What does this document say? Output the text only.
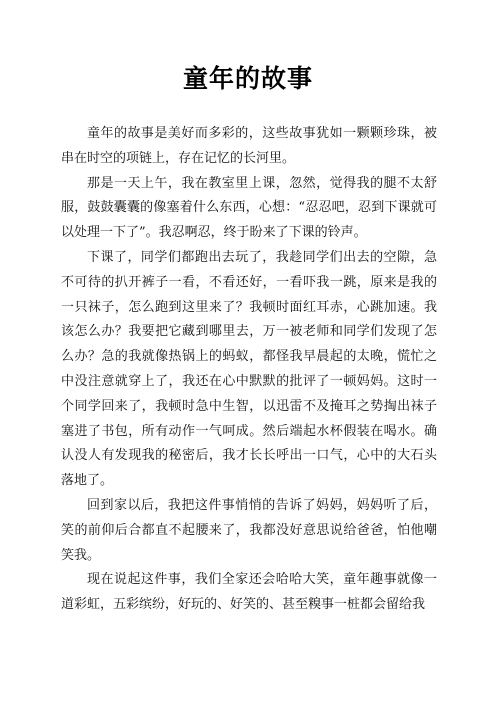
童年的故事

童年的故事是美好而多彩的，这些故事犹如一颗颗珍珠，被串在时空的项链上，存在记忆的长河里。

那是一天上午，我在教室里上课，忽然，觉得我的腿不太舒服，鼓鼓囊囊的像塞着什么东西，心想：“忍忍吧，忍到下课就可以处理一下了”。我忍啊忍，终于盼来了下课的铃声。

下课了，同学们都跑出去玩了，我趁同学们出去的空隙，急不可待的扒开裤子一看，不看还好，一看吓我一跳，原来是我的一只袜子，怎么跑到这里来了？我顿时面红耳赤，心跳加速。我该怎么办？我要把它藏到哪里去，万一被老师和同学们发现了怎么办？急的我就像热锅上的蚂蚁，都怪我早晨起的太晚，慌忙之中没注意就穿上了，我还在心中默默的批评了一顿妈妈。这时一个同学回来了，我顿时急中生智，以迅雷不及掩耳之势掏出袜子塞进了书包，所有动作一气呵成。然后端起水杯假装在喝水。确认没人有发现我的秘密后，我才长长呼出一口气，心中的大石头落地了。

回到家以后，我把这件事悄悄的告诉了妈妈，妈妈听了后，笑的前仰后合都直不起腰来了，我都没好意思说给爸爸，怕他嘲笑我。

现在说起这件事，我们全家还会哈哈大笑，童年趣事就像一道彩虹，五彩缤纷，好玩的、好笑的、甚至糗事一桩都会留给我
